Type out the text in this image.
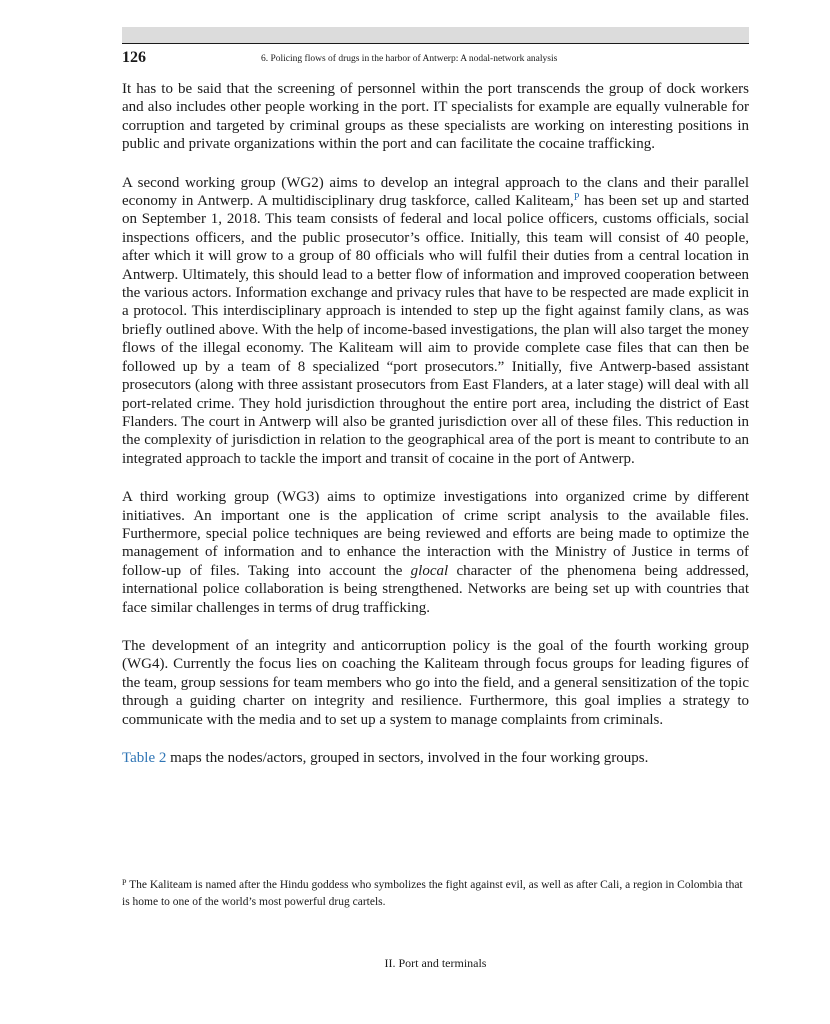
126	6. Policing flows of drugs in the harbor of Antwerp: A nodal-network analysis

It has to be said that the screening of personnel within the port transcends the group of dock workers and also includes other people working in the port. IT specialists for example are equally vulnerable for corruption and targeted by criminal groups as these specialists are working on interesting positions in public and private organizations within the port and can facilitate the cocaine trafficking.

A second working group (WG2) aims to develop an integral approach to the clans and their parallel economy in Antwerp. A multidisciplinary drug taskforce, called Kaliteam,$^P$ has been set up and started on September 1, 2018. This team consists of federal and local police officers, customs officials, social inspections officers, and the public prosecutor’s office. Initially, this team will consist of 40 people, after which it will grow to a group of 80 officials who will fulfil their duties from a central location in Antwerp. Ultimately, this should lead to a better flow of information and improved cooperation between the various actors. Information exchange and privacy rules that have to be respected are made explicit in a protocol. This interdisciplinary approach is intended to step up the fight against family clans, as was briefly outlined above. With the help of income-based investigations, the plan will also target the money flows of the illegal economy. The Kaliteam will aim to provide complete case files that can then be followed up by a team of 8 specialized “port prosecutors.” Initially, five Antwerp-based assistant prosecutors (along with three assistant prosecutors from East Flanders, at a later stage) will deal with all port-related crime. They hold jurisdiction throughout the entire port area, including the district of East Flanders. The court in Antwerp will also be granted jurisdiction over all of these files. This reduction in the complexity of jurisdiction in relation to the geographical area of the port is meant to contribute to an integrated approach to tackle the import and transit of cocaine in the port of Antwerp.

A third working group (WG3) aims to optimize investigations into organized crime by different initiatives. An important one is the application of crime script analysis to the available files. Furthermore, special police techniques are being reviewed and efforts are being made to optimize the management of information and to enhance the interaction with the Ministry of Justice in terms of follow-up of files. Taking into account the glocal character of the phenomena being addressed, international police collaboration is being strengthened. Networks are being set up with countries that face similar challenges in terms of drug trafficking.

The development of an integrity and anticorruption policy is the goal of the fourth working group (WG4). Currently the focus lies on coaching the Kaliteam through focus groups for leading figures of the team, group sessions for team members who go into the field, and a general sensitization of the topic through a guiding charter on integrity and resilience. Furthermore, this goal implies a strategy to communicate with the media and to set up a system to manage complaints from criminals.

Table 2 maps the nodes/actors, grouped in sectors, involved in the four working groups.

$^P$ The Kaliteam is named after the Hindu goddess who symbolizes the fight against evil, as well as after Cali, a region in Colombia that is home to one of the world’s most powerful drug cartels.
II. Port and terminals
